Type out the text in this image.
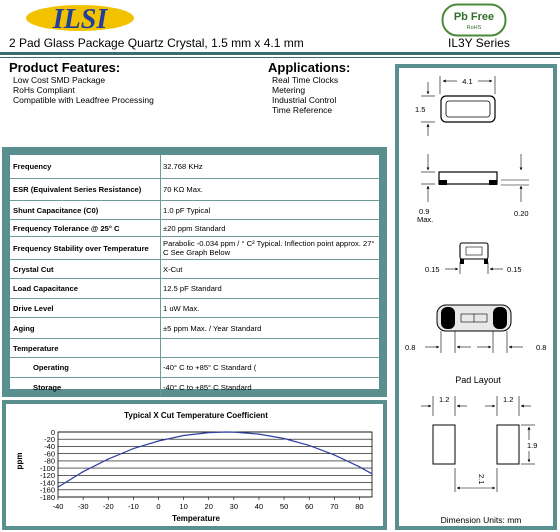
ILSI	Pb Free
RoHS
2 Pad Glass Package Quartz Crystal, 1.5 mm x 4.1 mm	IL3Y Series
Product Features:
Low Cost SMD Package
RoHs Compliant
Compatible with Leadfree Processing
Applications:
Real Time Clocks
Metering
Industrial Control
Time Reference
Frequency	32.768 KHz
ESR (Equivalent Series Resistance)	70 KΩ Max.
Shunt Capacitance (C0)	1.0 pF Typical
Frequency Tolerance @ 25° C	±20 ppm Standard
Frequency Stability over Temperature	Parabolic -0.034 ppm / ° C² Typical. Inflection point approx. 27° C See Graph Below
Crystal Cut	X-Cut
Load Capacitance	12.5 pF Standard
Drive Level	1 uW Max.
Aging	±5 ppm Max. / Year Standard
Temperature
Operating	-40° C to +85° C Standard (
Storage	-40° C to +85° C Standard
Typical X Cut Temperature Coefficient
Temperature
ppm
0
-20
-40
-60
-80
-100
-120
-140
-160
-180
-40 -30 -20 -10 0	10 20 30 40 50 60 70 80
4.1
1.5
0.9
Max.
0.20
0.15	0.15
0.8	0.8
Pad Layout
1.2	1.2
1.9
2.1
Dimension Units: mm
